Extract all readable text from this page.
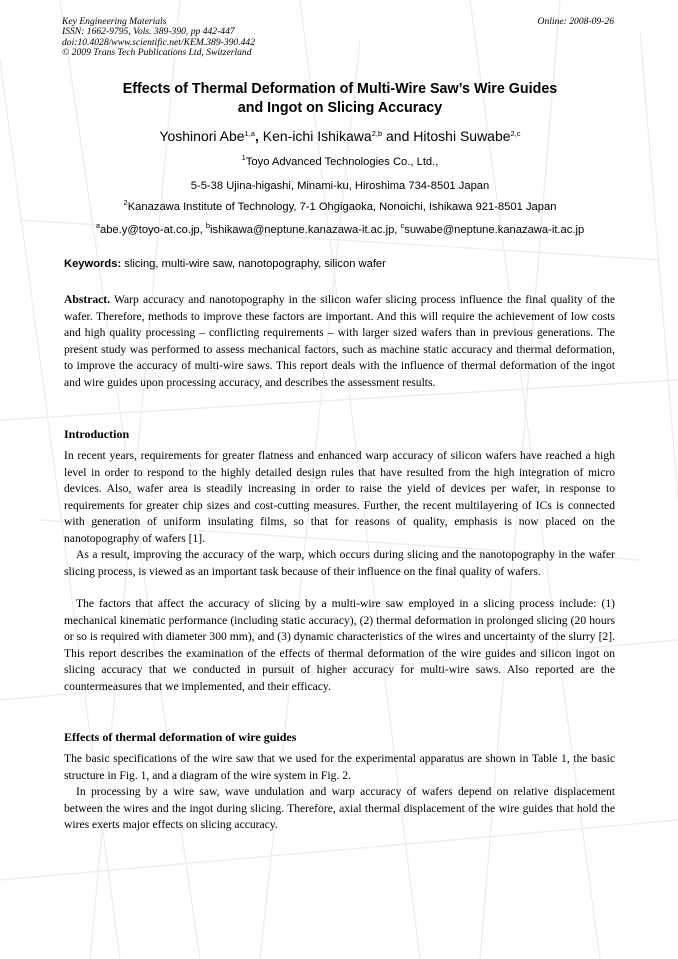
Key Engineering Materials
ISSN: 1662-9795, Vols. 389-390, pp 442-447
doi:10.4028/www.scientific.net/KEM.389-390.442
© 2009 Trans Tech Publications Ltd, Switzerland
Online: 2008-09-26
Effects of Thermal Deformation of Multi-Wire Saw’s Wire Guides
and Ingot on Slicing Accuracy
Yoshinori Abe$^{1,a}$, Ken-ichi Ishikawa$^{2,b}$ and Hitoshi Suwabe$^{2,c}$
$^1$Toyo Advanced Technologies Co., Ltd.,
5-5-38 Ujina-higashi, Minami-ku, Hiroshima 734-8501 Japan
$^2$Kanazawa Institute of Technology, 7-1 Ohgigaoka, Nonoichi, Ishikawa 921-8501 Japan
$^a$abe.y@toyo-at.co.jp, $^b$ishikawa@neptune.kanazawa-it.ac.jp, $^c$suwabe@neptune.kanazawa-it.ac.jp
Keywords: slicing, multi-wire saw, nanotopography, silicon wafer
Abstract. Warp accuracy and nanotopography in the silicon wafer slicing process influence the final quality of the wafer. Therefore, methods to improve these factors are important. And this will require the achievement of low costs and high quality processing – conflicting requirements – with larger sized wafers than in previous generations. The present study was performed to assess mechanical factors, such as machine static accuracy and thermal deformation, to improve the accuracy of multi-wire saws. This report deals with the influence of thermal deformation of the ingot and wire guides upon processing accuracy, and describes the assessment results.
Introduction
In recent years, requirements for greater flatness and enhanced warp accuracy of silicon wafers have reached a high level in order to respond to the highly detailed design rules that have resulted from the high integration of micro devices. Also, wafer area is steadily increasing in order to raise the yield of devices per wafer, in response to requirements for greater chip sizes and cost-cutting measures. Further, the recent multilayering of ICs is connected with generation of uniform insulating films, so that for reasons of quality, emphasis is now placed on the nanotopography of wafers [1].
As a result, improving the accuracy of the warp, which occurs during slicing and the nanotopography in the wafer slicing process, is viewed as an important task because of their influence on the final quality of wafers.
The factors that affect the accuracy of slicing by a multi-wire saw employed in a slicing process include: (1) mechanical kinematic performance (including static accuracy), (2) thermal deformation in prolonged slicing (20 hours or so is required with diameter 300 mm), and (3) dynamic characteristics of the wires and uncertainty of the slurry [2]. This report describes the examination of the effects of thermal deformation of the wire guides and silicon ingot on slicing accuracy that we conducted in pursuit of higher accuracy for multi-wire saws. Also reported are the countermeasures that we implemented, and their efficacy.
Effects of thermal deformation of wire guides
The basic specifications of the wire saw that we used for the experimental apparatus are shown in Table 1, the basic structure in Fig. 1, and a diagram of the wire system in Fig. 2.
In processing by a wire saw, wave undulation and warp accuracy of wafers depend on relative displacement between the wires and the ingot during slicing. Therefore, axial thermal displacement of the wire guides that hold the wires exerts major effects on slicing accuracy.
